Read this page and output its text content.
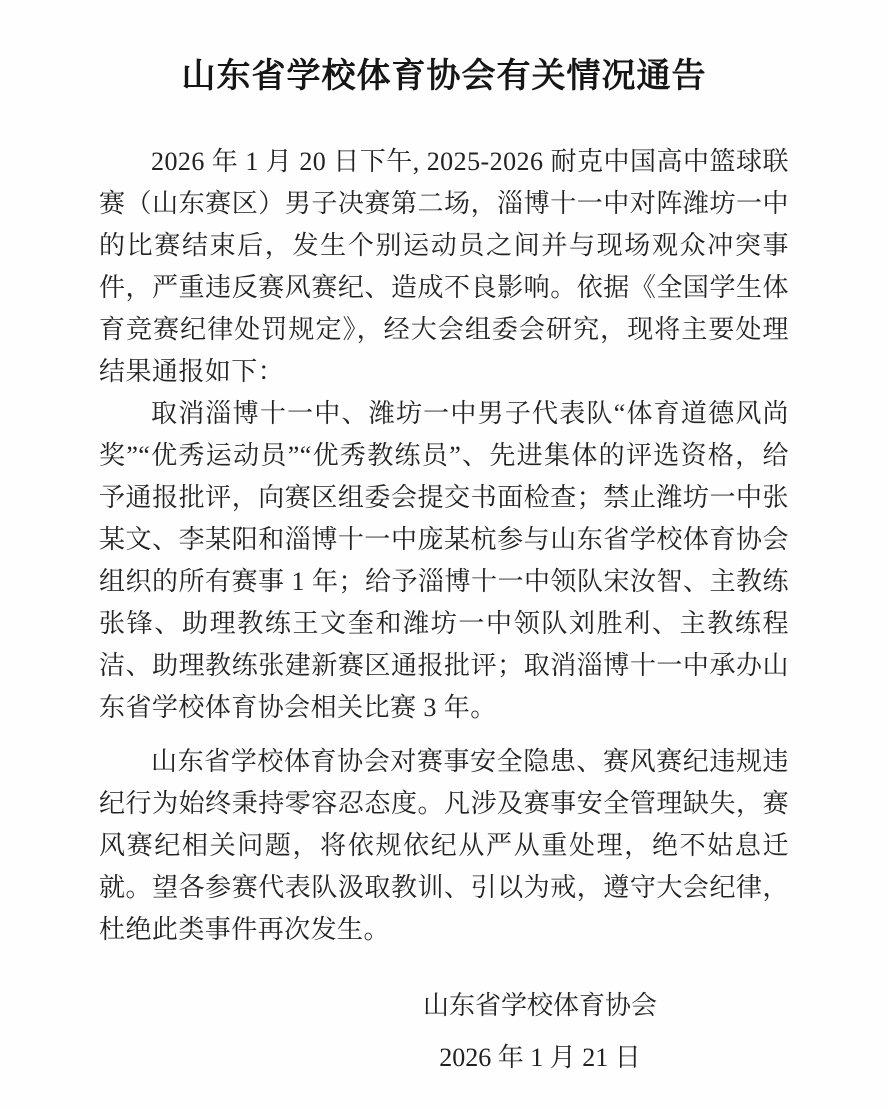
山东省学校体育协会有关情况通告

2026 年 1 月 20 日下午, 2025-2026 耐克中国高中篮球联赛（山东赛区）男子决赛第二场，淄博十一中对阵潍坊一中的比赛结束后，发生个别运动员之间并与现场观众冲突事件，严重违反赛风赛纪、造成不良影响。依据《全国学生体育竞赛纪律处罚规定》，经大会组委会研究，现将主要处理结果通报如下：

取消淄博十一中、潍坊一中男子代表队“体育道德风尚奖”“优秀运动员”“优秀教练员”、先进集体的评选资格，给予通报批评，向赛区组委会提交书面检查；禁止潍坊一中张某文、李某阳和淄博十一中庞某杭参与山东省学校体育协会组织的所有赛事 1 年；给予淄博十一中领队宋汝智、主教练张锋、助理教练王文奎和潍坊一中领队刘胜利、主教练程洁、助理教练张建新赛区通报批评；取消淄博十一中承办山东省学校体育协会相关比赛 3 年。

山东省学校体育协会对赛事安全隐患、赛风赛纪违规违纪行为始终秉持零容忍态度。凡涉及赛事安全管理缺失，赛风赛纪相关问题，将依规依纪从严从重处理，绝不姑息迁就。望各参赛代表队汲取教训、引以为戒，遵守大会纪律，杜绝此类事件再次发生。

山东省学校体育协会
2026 年 1 月 21 日
